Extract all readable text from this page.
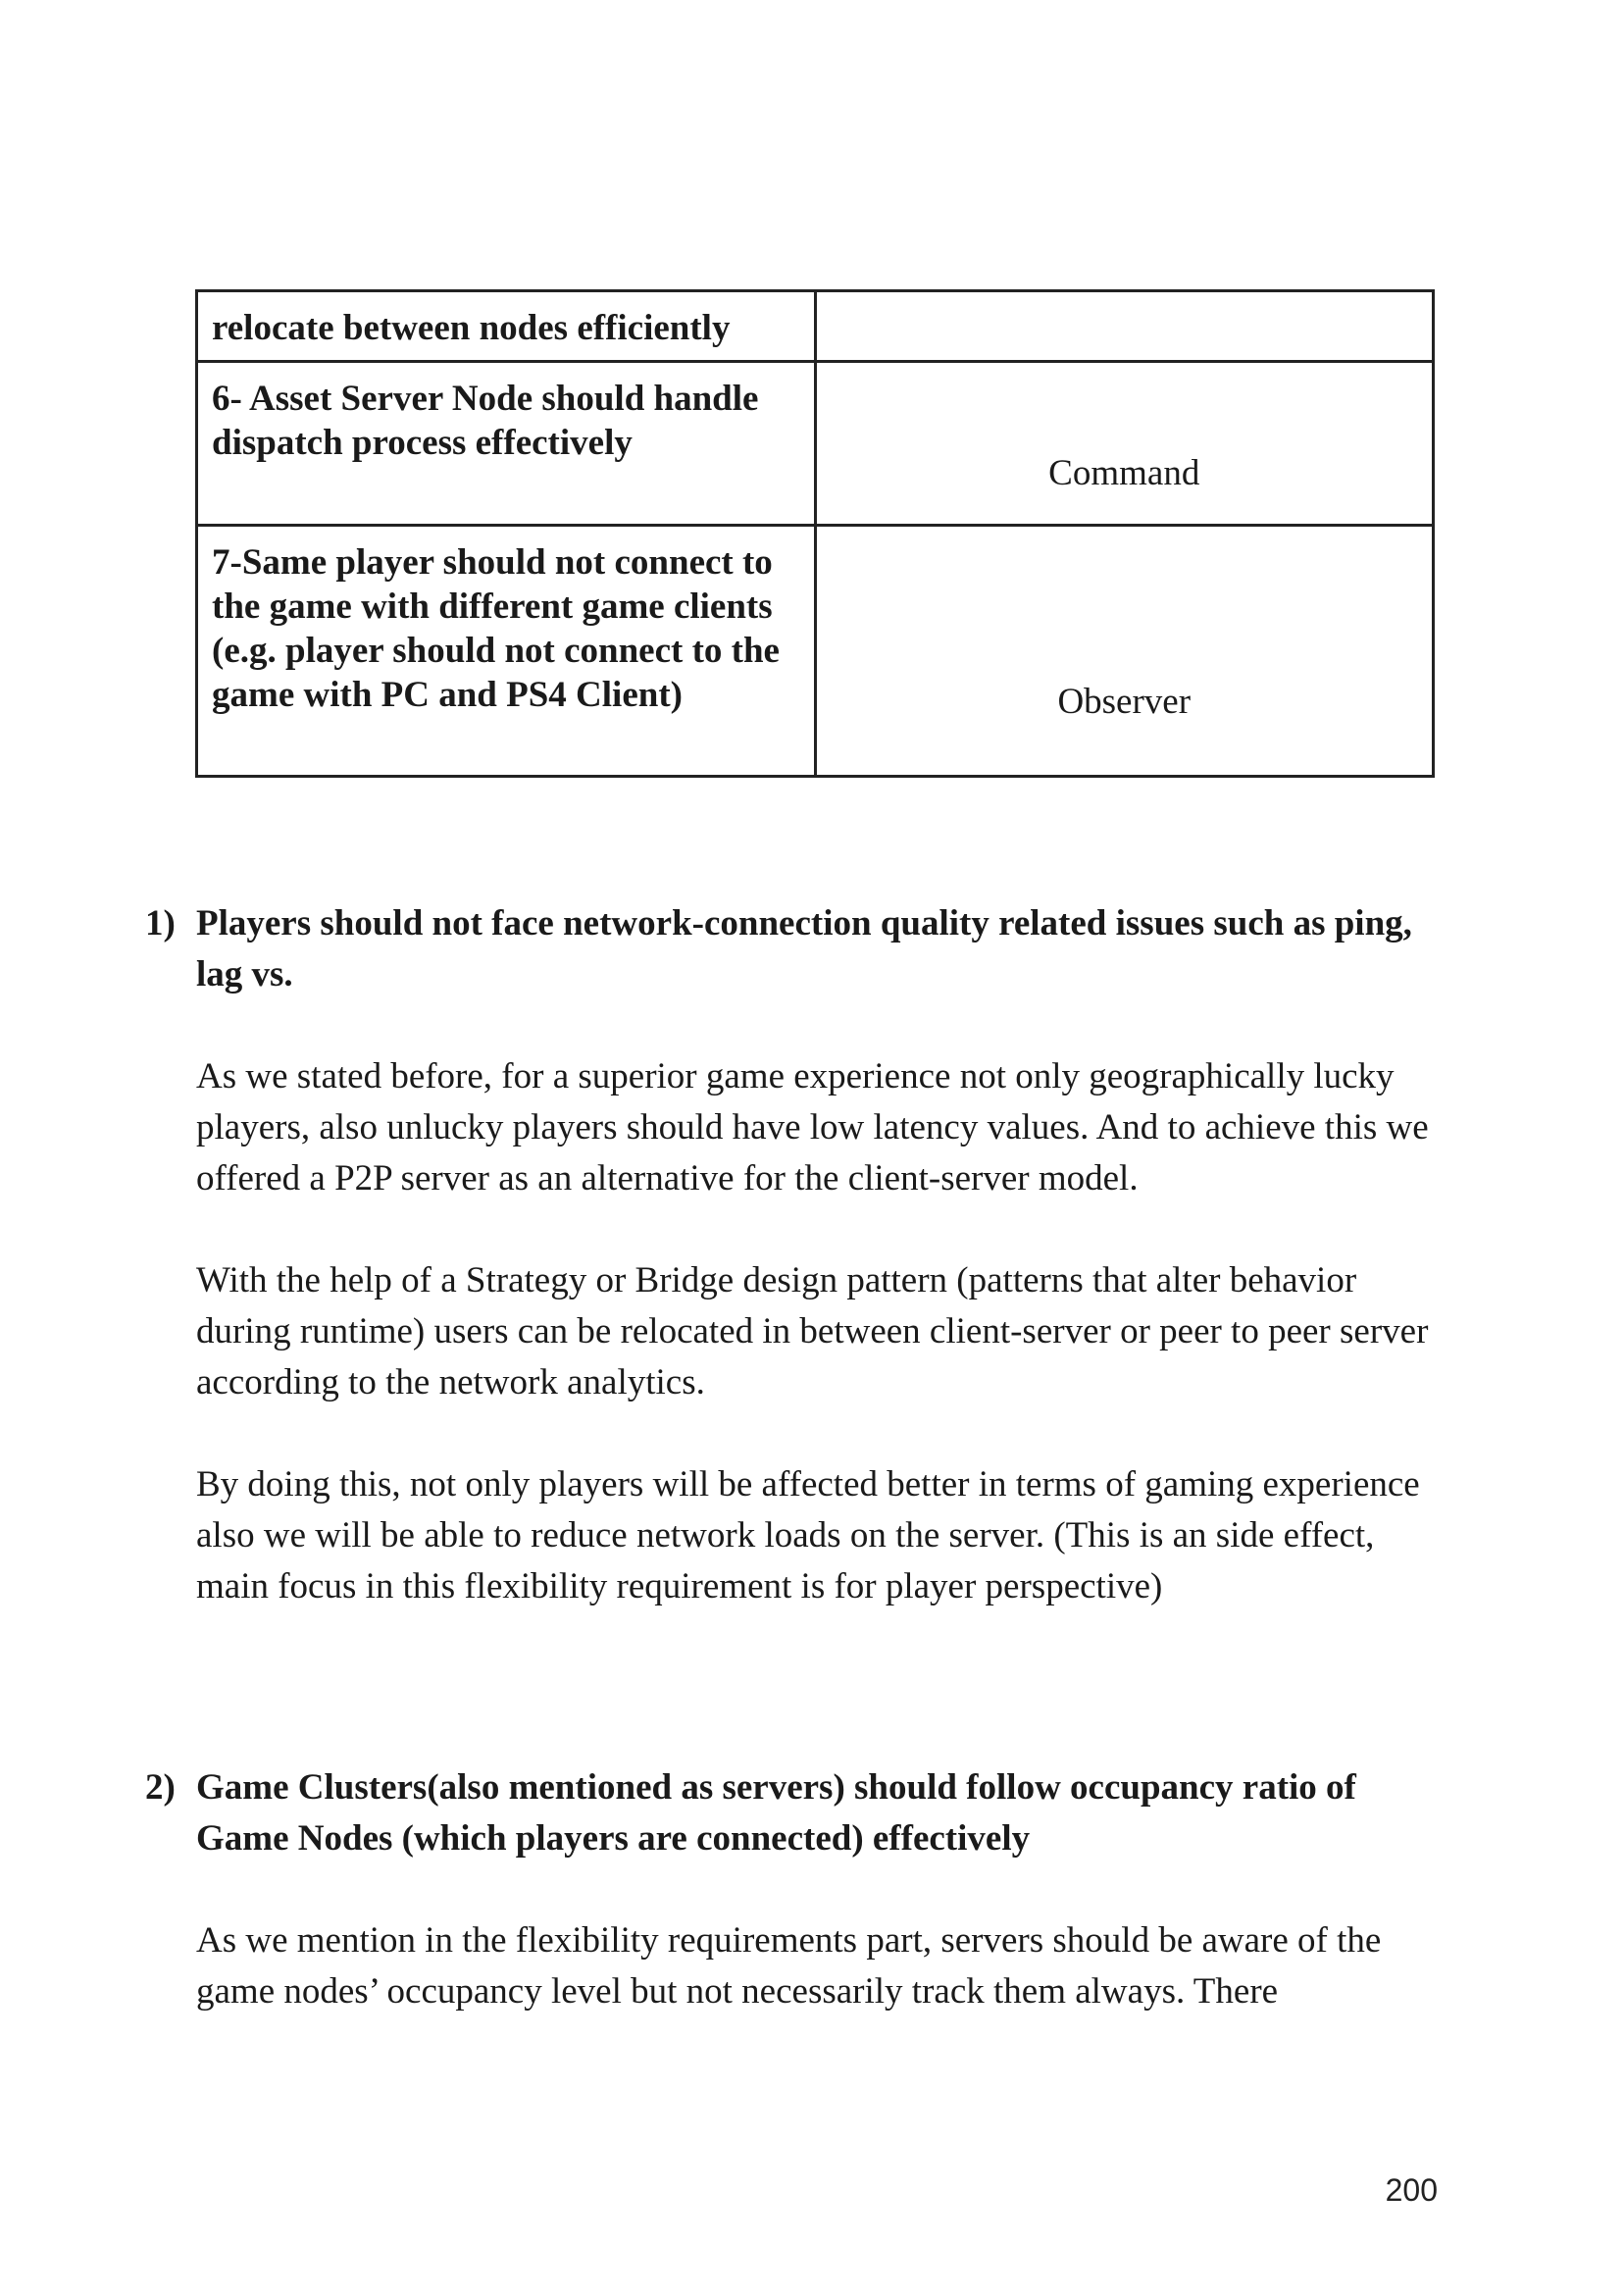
relocate between nodes efficiently	
6- Asset Server Node should handle dispatch process effectively	Command
7-Same player should not connect to the game with different game clients (e.g. player should not connect to the game with PC and PS4 Client)	Observer
1) Players should not face network-connection quality related issues such as ping, lag vs.
As we stated before, for a superior game experience not only geographically lucky players, also unlucky players should have low latency values. And to achieve this we offered a P2P server as an alternative for the client-server model.
With the help of a Strategy or Bridge design pattern (patterns that alter behavior during runtime) users can be relocated in between client-server or peer to peer server according to the network analytics.
By doing this, not only players will be affected better in terms of gaming experience also we will be able to reduce network loads on the server. (This is an side effect, main focus in this flexibility requirement is for player perspective)
2) Game Clusters(also mentioned as servers) should follow occupancy ratio of Game Nodes (which players are connected) effectively
As we mention in the flexibility requirements part, servers should be aware of the game nodes’ occupancy level but not necessarily track them always. There
200
